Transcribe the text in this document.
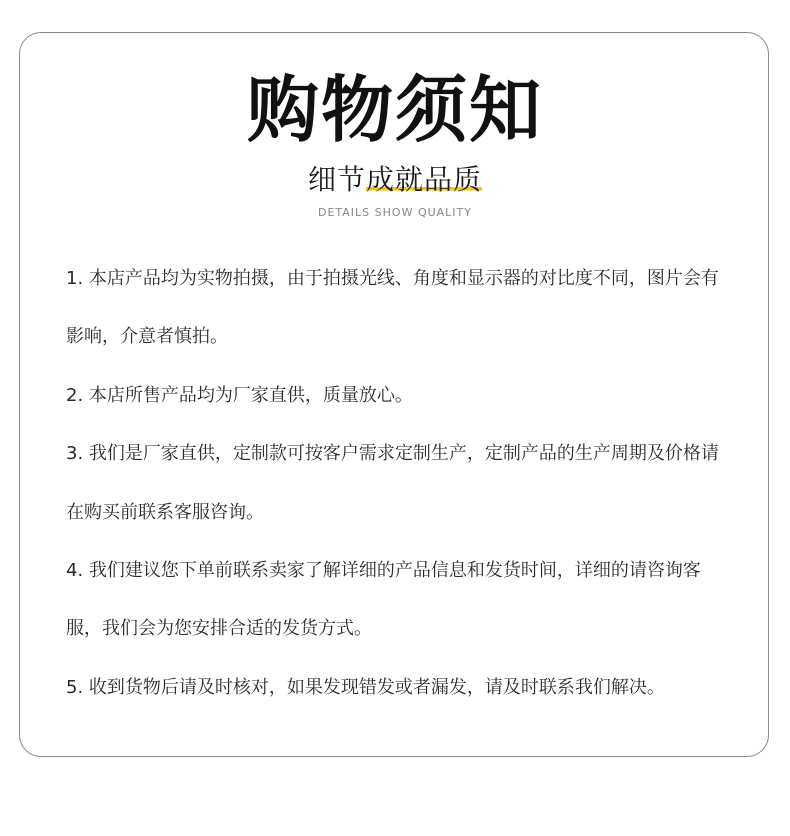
购物须知
细节成就品质
DETAILS SHOW QUALITY
1. 本店产品均为实物拍摄，由于拍摄光线、角度和显示器的对比度不同，图片会有影响，介意者慎拍。
2. 本店所售产品均为厂家直供，质量放心。
3. 我们是厂家直供，定制款可按客户需求定制生产，定制产品的生产周期及价格请在购买前联系客服咨询。
4. 我们建议您下单前联系卖家了解详细的产品信息和发货时间，详细的请咨询客服，我们会为您安排合适的发货方式。
5. 收到货物后请及时核对，如果发现错发或者漏发，请及时联系我们解决。
